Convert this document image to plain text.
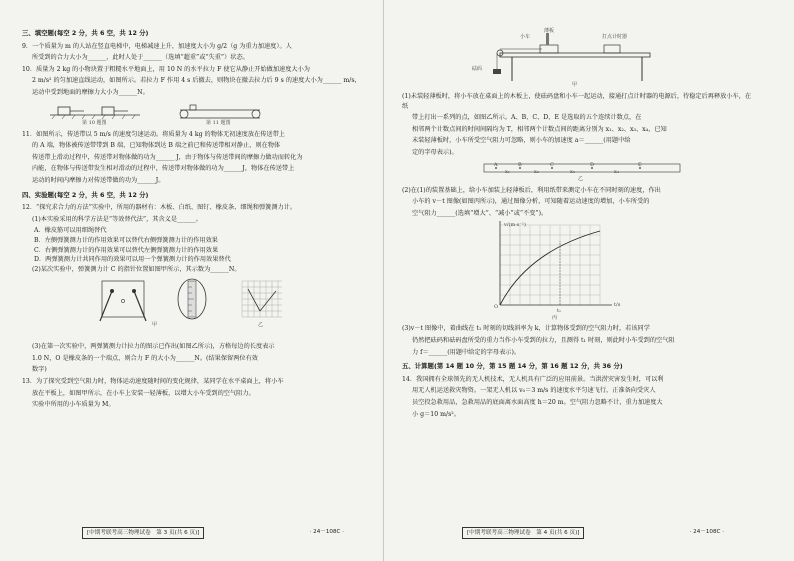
三、填空题(每空 2 分，共 6 空，共 12 分)

9．一个质量为 m 的人站在竖直电梯中，电梯减速上升，加速度大小为 g/2（g 为重力加速度）。人

所受到的合力大小为______，此时人处于______（选填“超重”或“失重”）状态。

10．质量为 2 kg 的小物块置于粗糙水平地面上，用 10 N 的水平拉力 F 使它从静止开始做加速度大小为

2 m/s² 的匀加速直线运动，如图所示。若拉力 F 作用 4 s 后撤去，则物块在撤去拉力后 9 s 的速度大小为______ m/s，

运动中受到地面的摩擦力大小为______N。

第 10 题图	第 11 题图

11．如图所示，传送带以 5 m/s 的速度匀速运动。将质量为 4 kg 的物体无初速度放在传送带上

的 A 端，物体被传送带带到 B 端，已知物体到达 B 端之前已和传送带相对静止，则在物体

传送带上滑动过程中，传送带对物体做的功为______ J，由于物体与传送带间的摩擦力做功而转化为

内能，在物体与传送带发生相对滑动的过程中，传送带对物体做的功为______J，物体在传送带上

运动的时间内摩擦力对传送带做的功为______J。

四、实验题(每空 2 分，共 6 空，共 12 分)

12．“探究求合力的方法”实验中，所用的器材有：木板、白纸、图钉、橡皮条、细绳和弹簧测力计。

(1)本实验采用的科学方法是“等效替代法”，其含义是______。

A．橡皮筋可以用细绳替代

B．左侧弹簧测力计的作用效果可以替代右侧弹簧测力计的作用效果

C．右侧弹簧测力计的作用效果可以替代左侧弹簧测力计的作用效果

D．两弹簧测力计共同作用的效果可以用一个弹簧测力计的作用效果替代

(2)某次实验中，弹簧测力计 C 的指针位置如图甲所示，其示数为______N。

甲	乙

(3)在第一次实验中，两弹簧测力计拉力的图示已作出(如图乙所示)，方格每边的长度表示

1.0 N，O 是橡皮条的一个端点，则合力 F 的大小为______N。(结果保留两位有效

数字)

13．为了探究受到空气阻力时，物体运动速度随时间的变化规律，某同学在水平桌面上，将小车

放在平板上，如图甲所示，在小车上安装一轻薄板，以增大小车受到的空气阻力。

实验中所用的小车质量为 M。

[中期考联考高三物理试卷　第 3 页(共 6 页)]	· 24－108C ·
薄板
小车	打点计时器
砝码
甲

(1)未装轻薄板时，将小车放在桌面上的木板上，使砝码盘和小车一起运动，接通打点计时器的电源后，待稳定后再释放小车，在纸

带上打出一系列的点，如图乙所示。A、B、C、D、E 是选取的五个连续计数点，在

相邻两个计数点间的时间间隔均为 T，相邻两个计数点间的距离分别为 x₁、x₂、x₃、x₄，已知

未装轻薄板时，小车所受空气阻力可忽略，则小车的加速度 a＝______(用题中给

定的字母表示)。

A	B	C	D	E
x₁	x₂	x₃	x₄
乙

(2)在(1)的装置基础上，给小车加装上轻薄板后，利用纸带来测定小车在不同时刻的速度，作出

小车的 v－t 图像(如图丙所示)，通过图像分析，可知随着运动速度的增加，小车所受的

空气阻力______(选填“增大”、“减小”或“不变”)。

v/(m·s⁻¹)
t/s
O
t₁
丙

(3)v－t 图像中，着曲线在 t₁ 时刻的切线斜率为 k，计算物体受到的空气阻力时，若该同学

仍然把砝码和砝码盘所受的重力当作小车受到的拉力，且测得 t₁ 时刻，则此时小车受到的空气阻

力 f＝______(用题中给定的字母表示)。

五、计算题(第 14 题 10 分，第 15 题 14 分，第 16 题 12 分，共 36 分)

14．我国拥有全球领先的无人机技术，无人机具有广泛的应用前景。当洪涝灾害发生时，可以利

用无人机运送救灾物资。一架无人机以 v₀＝3 m/s 的速度水平匀速飞行，正准备向受灾人

员空投急救用品，急救用品的底面离水面高度 h＝20 m。空气阻力忽略不计，重力加速度大

小 g＝10 m/s²。

[中期考联考高三物理试卷　第 4 页(共 6 页)]	· 24－108C ·
